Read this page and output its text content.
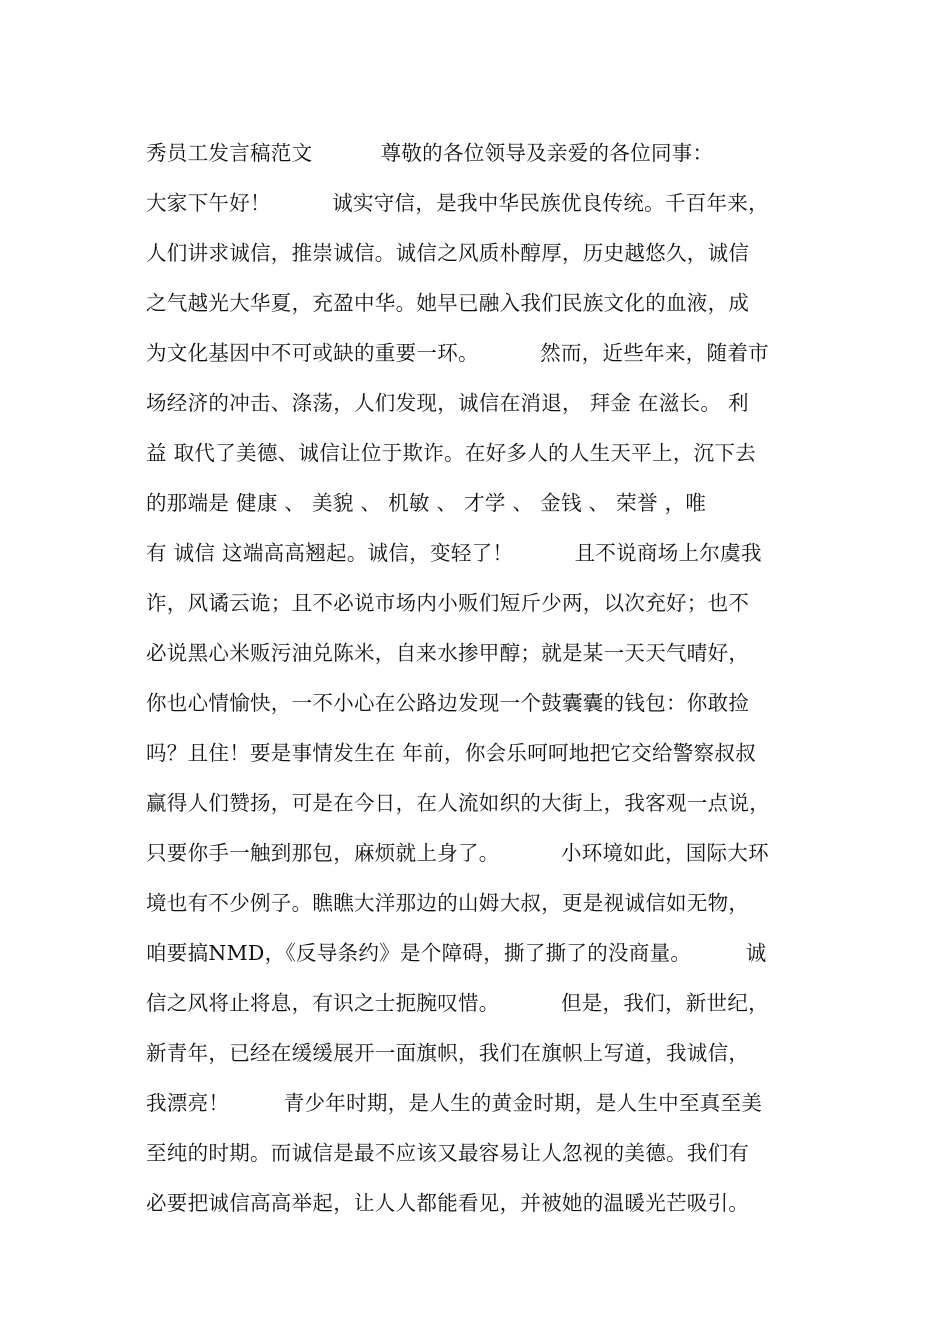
秀员工发言稿范文          尊敬的各位领导及亲爱的各位同事：
大家下午好！         诚实守信，是我中华民族优良传统。千百年来，
人们讲求诚信，推崇诚信。诚信之风质朴醇厚，历史越悠久，诚信
之气越光大华夏，充盈中华。她早已融入我们民族文化的血液，成
为文化基因中不可或缺的重要一环。         然而，近些年来，随着市
场经济的冲击、涤荡，人们发现，诚信在消退， 拜金 在滋长。 利
益 取代了美德、诚信让位于欺诈。在好多人的人生天平上，沉下去
的那端是 健康 、 美貌 、 机敏 、 才学 、 金钱 、 荣誉 ，唯
有 诚信 这端高高翘起。诚信，变轻了！         且不说商场上尔虞我
诈，风谲云诡；且不必说市场内小贩们短斤少两，以次充好；也不
必说黑心米贩污油兑陈米，自来水掺甲醇；就是某一天天气晴好，
你也心情愉快，一不小心在公路边发现一个鼓囊囊的钱包：你敢捡
吗？且住！要是事情发生在 年前，你会乐呵呵地把它交给警察叔叔
赢得人们赞扬，可是在今日，在人流如织的大街上，我客观一点说，
只要你手一触到那包，麻烦就上身了。         小环境如此，国际大环
境也有不少例子。瞧瞧大洋那边的山姆大叔，更是视诚信如无物，
咱要搞NMD，《反导条约》是个障碍，撕了撕了的没商量。        诚
信之风将止将息，有识之士扼腕叹惜。         但是，我们，新世纪，
新青年，已经在缓缓展开一面旗帜，我们在旗帜上写道，我诚信，
我漂亮！        青少年时期，是人生的黄金时期，是人生中至真至美
至纯的时期。而诚信是最不应该又最容易让人忽视的美德。我们有
必要把诚信高高举起，让人人都能看见，并被她的温暖光芒吸引。
